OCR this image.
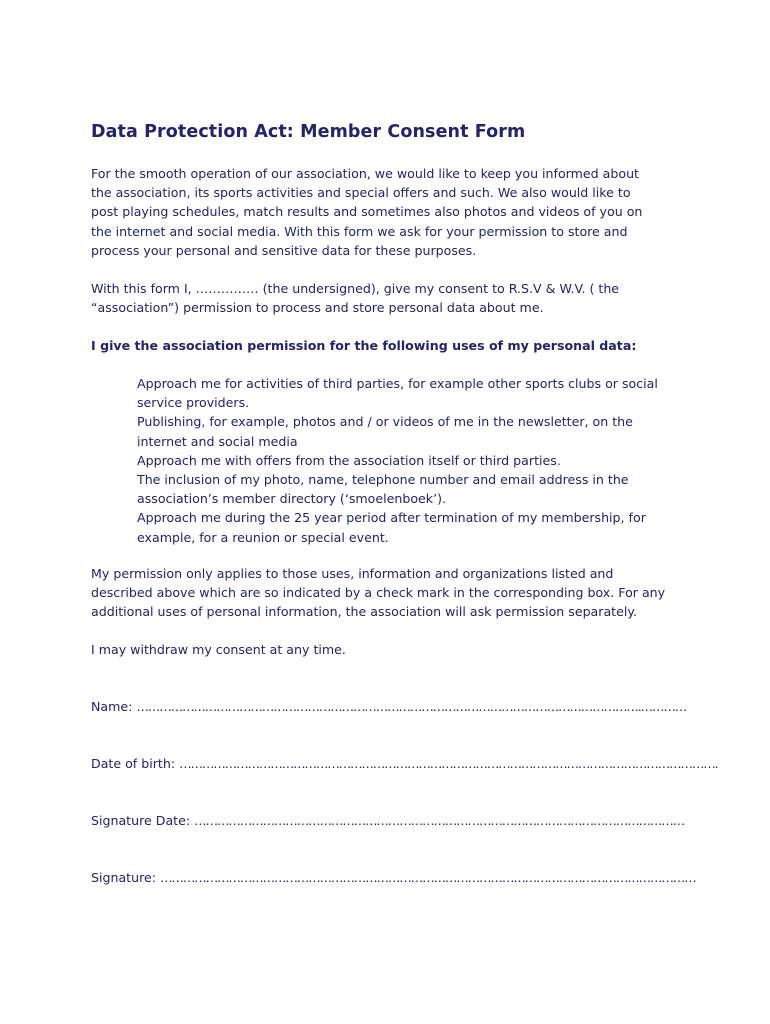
Data Protection Act: Member Consent Form

For the smooth operation of our association, we would like to keep you informed about
the association, its sports activities and special offers and such. We also would like to
post playing schedules, match results and sometimes also photos and videos of you on
the internet and social media. With this form we ask for your permission to store and
process your personal and sensitive data for these purposes.

With this form I, …………… (the undersigned), give my consent to R.S.V & W.V. ( the
“association”) permission to process and store personal data about me.

I give the association permission for the following uses of my personal data:

Approach me for activities of third parties, for example other sports clubs or social
service providers.
Publishing, for example, photos and / or videos of me in the newsletter, on the
internet and social media
Approach me with offers from the association itself or third parties.
The inclusion of my photo, name, telephone number and email address in the
association’s member directory (‘smoelenboek’).
Approach me during the 25 year period after termination of my membership, for
example, for a reunion or special event.

My permission only applies to those uses, information and organizations listed and
described above which are so indicated by a check mark in the corresponding box. For any
additional uses of personal information, the association will ask permission separately.

I may withdraw my consent at any time.

Name: …………………………………………………………………………………………………………………….…………
Date of birth: …………………………………………………………………………………………………………………………….
Signature Date: …………………………………………………………………………………………………………………
Signature: ……………………………………………………………………………………………………………………………
